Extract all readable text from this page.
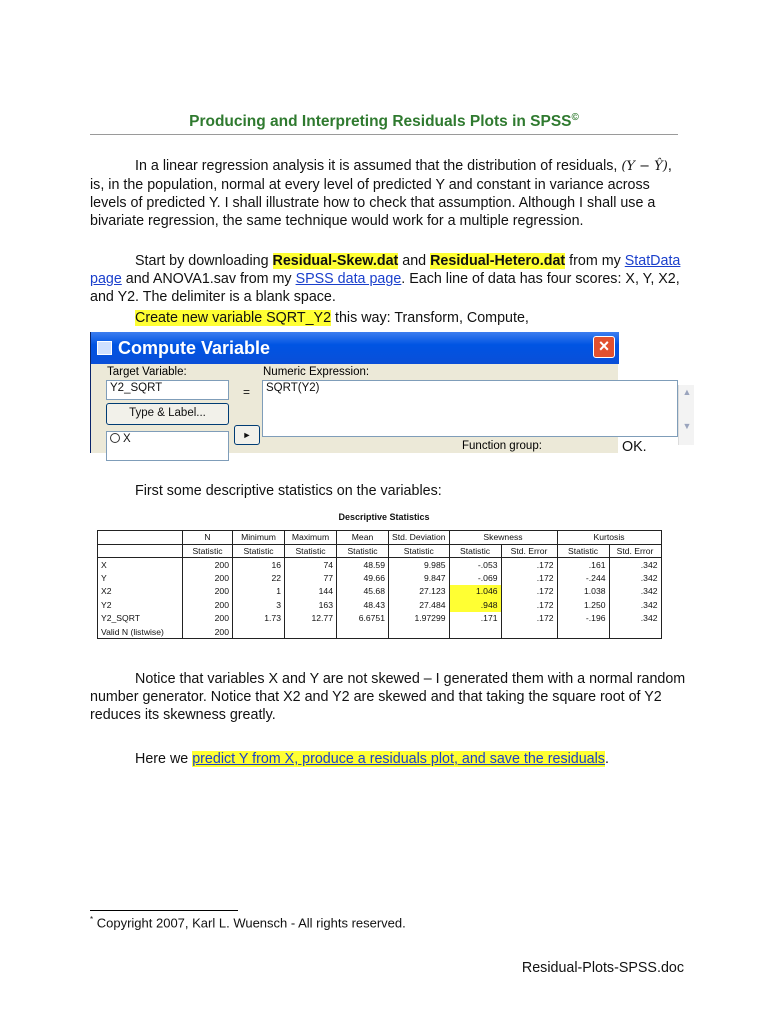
Producing and Interpreting Residuals Plots in SPSS©
In a linear regression analysis it is assumed that the distribution of residuals, (Y − Ŷ), is, in the population, normal at every level of predicted Y and constant in variance across levels of predicted Y. I shall illustrate how to check that assumption. Although I shall use a bivariate regression, the same technique would work for a multiple regression.
Start by downloading Residual-Skew.dat and Residual-Hetero.dat from my StatData page and ANOVA1.sav from my SPSS data page. Each line of data has four scores: X, Y, X2, and Y2. The delimiter is a blank space.
Create new variable SQRT_Y2 this way: Transform, Compute,
Compute Variable	×
Target Variable:
Y2_SQRT	=
Numeric Expression:
SQRT(Y2)	▲
▼
Type & Label...
X	►
Function group:	OK.
First some descriptive statistics on the variables:
Descriptive Statistics
	N	Minimum	Maximum	Mean	Std. Deviation	Skewness		Kurtosis	
	Statistic	Statistic	Statistic	Statistic	Statistic	Statistic	Std. Error	Statistic	Std. Error
X	200	16	74	48.59	9.985	-.053	.172	.161	.342
Y	200	22	77	49.66	9.847	-.069	.172	-.244	.342
X2	200	1	144	45.68	27.123	1.046	.172	1.038	.342
Y2	200	3	163	48.43	27.484	.948	.172	1.250	.342
Y2_SQRT	200	1.73	12.77	6.6751	1.97299	.171	.172	-.196	.342
Valid N (listwise)	200								
Notice that variables X and Y are not skewed – I generated them with a normal random number generator. Notice that X2 and Y2 are skewed and that taking the square root of Y2 reduces its skewness greatly.
Here we predict Y from X, produce a residuals plot, and save the residuals.
* Copyright 2007, Karl L. Wuensch - All rights reserved.
Residual-Plots-SPSS.doc
